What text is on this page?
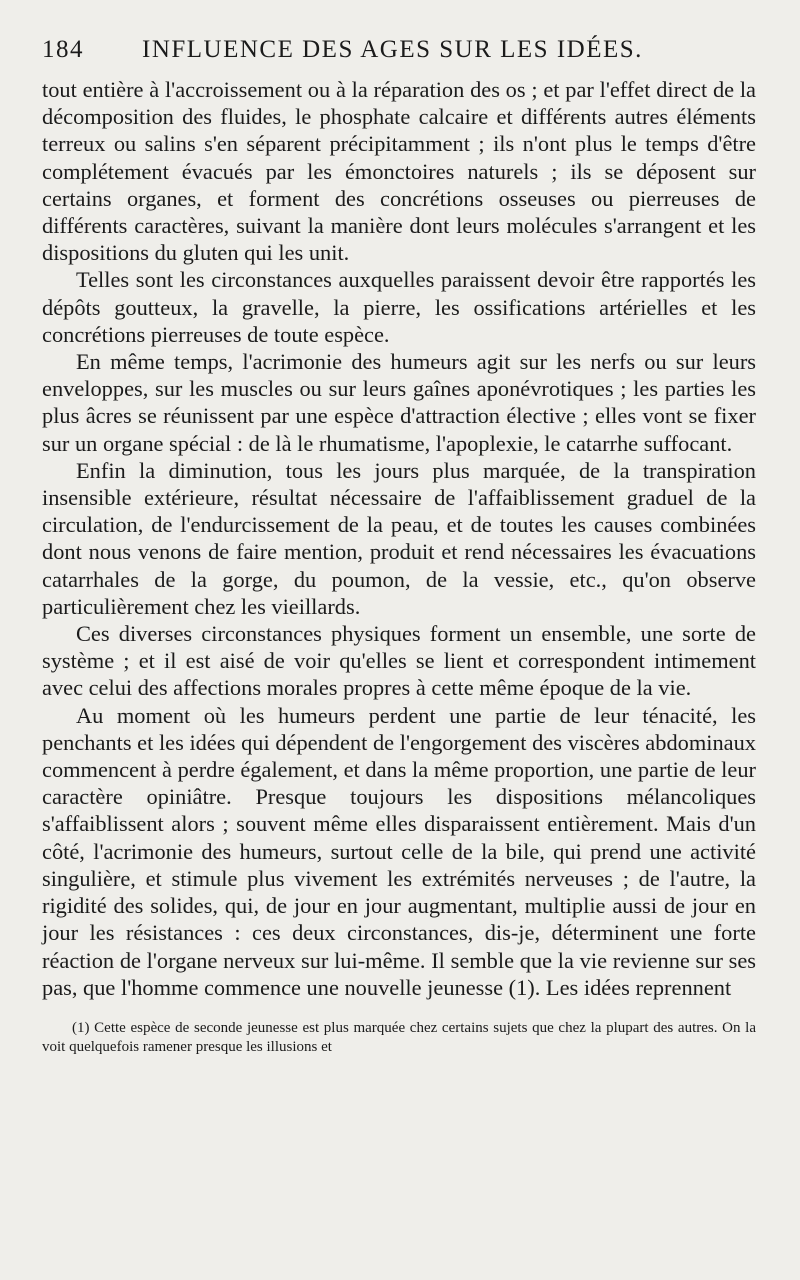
184	INFLUENCE DES AGES SUR LES IDÉES.

tout entière à l'accroissement ou à la réparation des os ; et par l'effet direct de la décomposition des fluides, le phosphate calcaire et différents autres éléments terreux ou salins s'en séparent précipitamment ; ils n'ont plus le temps d'être complétement évacués par les émonctoires naturels ; ils se déposent sur certains organes, et forment des concrétions osseuses ou pierreuses de différents caractères, suivant la manière dont leurs molécules s'arrangent et les dispositions du gluten qui les unit.

Telles sont les circonstances auxquelles paraissent devoir être rapportés les dépôts goutteux, la gravelle, la pierre, les ossifications artérielles et les concrétions pierreuses de toute espèce.

En même temps, l'acrimonie des humeurs agit sur les nerfs ou sur leurs enveloppes, sur les muscles ou sur leurs gaînes aponévrotiques ; les parties les plus âcres se réunissent par une espèce d'attraction élective ; elles vont se fixer sur un organe spécial : de là le rhumatisme, l'apoplexie, le catarrhe suffocant.

Enfin la diminution, tous les jours plus marquée, de la transpiration insensible extérieure, résultat nécessaire de l'affaiblissement graduel de la circulation, de l'endurcissement de la peau, et de toutes les causes combinées dont nous venons de faire mention, produit et rend nécessaires les évacuations catarrhales de la gorge, du poumon, de la vessie, etc., qu'on observe particulièrement chez les vieillards.

Ces diverses circonstances physiques forment un ensemble, une sorte de système ; et il est aisé de voir qu'elles se lient et correspondent intimement avec celui des affections morales propres à cette même époque de la vie.

Au moment où les humeurs perdent une partie de leur ténacité, les penchants et les idées qui dépendent de l'engorgement des viscères abdominaux commencent à perdre également, et dans la même proportion, une partie de leur caractère opiniâtre. Presque toujours les dispositions mélancoliques s'affaiblissent alors ; souvent même elles disparaissent entièrement. Mais d'un côté, l'acrimonie des humeurs, surtout celle de la bile, qui prend une activité singulière, et stimule plus vivement les extrémités nerveuses ; de l'autre, la rigidité des solides, qui, de jour en jour augmentant, multiplie aussi de jour en jour les résistances : ces deux circonstances, dis-je, déterminent une forte réaction de l'organe nerveux sur lui-même. Il semble que la vie revienne sur ses pas, que l'homme commence une nouvelle jeunesse (1). Les idées reprennent

(1) Cette espèce de seconde jeunesse est plus marquée chez certains sujets que chez la plupart des autres. On la voit quelquefois ramener presque les illusions et
